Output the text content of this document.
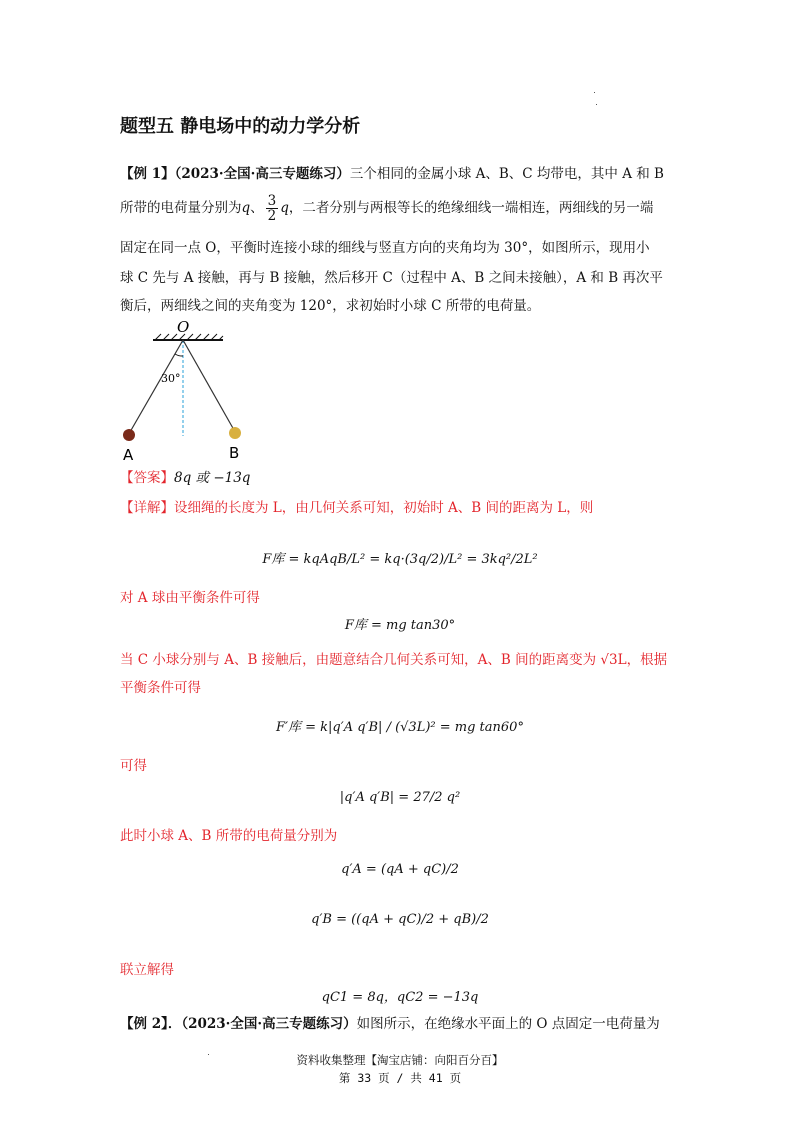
题型五 静电场中的动力学分析
【例 1】（2023·全国·高三专题练习）三个相同的金属小球 A、B、C 均带电，其中 A 和 B
所带的电荷量分别为q、 $\frac{3}{2}$ q，二者分别与两根等长的绝缘细线一端相连，两细线的另一端
固定在同一点 O，平衡时连接小球的细线与竖直方向的夹角均为 30°，如图所示，现用小
球 C 先与 A 接触，再与 B 接触，然后移开 C（过程中 A、B 之间未接触），A 和 B 再次平
衡后，两细线之间的夹角变为 120°，求初始时小球 C 所带的电荷量。
O
30°
A	B
【答案】8q 或 −13q
【详解】设细绳的长度为 L，由几何关系可知，初始时 A、B 间的距离为 L，则
F库 = kqAqB/L² = kq·(3q/2)/L² = 3kq²/2L²
对 A 球由平衡条件可得
F库 = mg tan30°
当 C 小球分别与 A、B 接触后，由题意结合几何关系可知，A、B 间的距离变为 √3L，根据
平衡条件可得
F′库 = k|q′A q′B| / (√3L)² = mg tan60°
可得
|q′A q′B| = 27/2 q²
此时小球 A、B 所带的电荷量分别为
q′A = (qA + qC)/2
q′B = ((qA + qC)/2 + qB)/2
联立解得
qC1 = 8q，qC2 = −13q
【例 2】．（2023·全国·高三专题练习）如图所示，在绝缘水平面上的 O 点固定一电荷量为
资料收集整理【淘宝店铺：向阳百分百】
第 33 页 / 共 41 页
